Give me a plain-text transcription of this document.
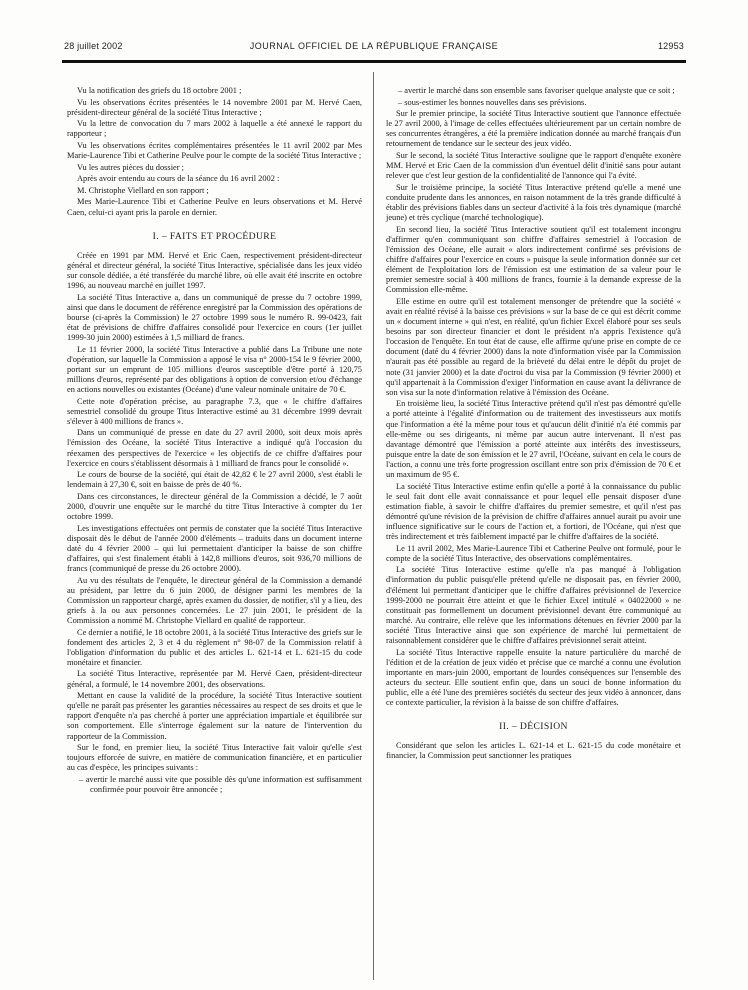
28 juillet 2002	JOURNAL OFFICIEL DE LA RÉPUBLIQUE FRANÇAISE	12953

Vu la notification des griefs du 18 octobre 2001 ;

Vu les observations écrites présentées le 14 novembre 2001 par M. Hervé Caen, président-directeur général de la société Titus Interactive ;

Vu la lettre de convocation du 7 mars 2002 à laquelle a été annexé le rapport du rapporteur ;

Vu les observations écrites complémentaires présentées le 11 avril 2002 par Mes Marie-Laurence Tibi et Catherine Peulve pour le compte de la société Titus Interactive ;

Vu les autres pièces du dossier ;

Après avoir entendu au cours de la séance du 16 avril 2002 :

M. Christophe Viellard en son rapport ;

Mes Marie-Laurence Tibi et Catherine Peulve en leurs observations et M. Hervé Caen, celui-ci ayant pris la parole en dernier.

I. – FAITS ET PROCÉDURE

Créée en 1991 par MM. Hervé et Eric Caen, respectivement président-directeur général et directeur général, la société Titus Interactive, spécialisée dans les jeux vidéo sur console dédiée, a été transférée du marché libre, où elle avait été inscrite en octobre 1996, au nouveau marché en juillet 1997.

La société Titus Interactive a, dans un communiqué de presse du 7 octobre 1999, ainsi que dans le document de référence enregistré par la Commission des opérations de bourse (ci-après la Commission) le 27 octobre 1999 sous le numéro R. 99-0423, fait état de prévisions de chiffre d'affaires consolidé pour l'exercice en cours (1er juillet 1999-30 juin 2000) estimées à 1,5 milliard de francs.

Le 11 février 2000, la société Titus Interactive a publié dans La Tribune une note d'opération, sur laquelle la Commission a apposé le visa n° 2000-154 le 9 février 2000, portant sur un emprunt de 105 millions d'euros susceptible d'être porté à 120,75 millions d'euros, représenté par des obligations à option de conversion et/ou d'échange en actions nouvelles ou existantes (Océane) d'une valeur nominale unitaire de 70 €.

Cette note d'opération précise, au paragraphe 7.3, que « le chiffre d'affaires semestriel consolidé du groupe Titus Interactive estimé au 31 décembre 1999 devrait s'élever à 400 millions de francs ».

Dans un communiqué de presse en date du 27 avril 2000, soit deux mois après l'émission des Océane, la société Titus Interactive a indiqué qu'à l'occasion du réexamen des perspectives de l'exercice « les objectifs de ce chiffre d'affaires pour l'exercice en cours s'établissent désormais à 1 milliard de francs pour le consolidé ».

Le cours de bourse de la société, qui était de 42,82 € le 27 avril 2000, s'est établi le lendemain à 27,30 €, soit en baisse de près de 40 %.

Dans ces circonstances, le directeur général de la Commission a décidé, le 7 août 2000, d'ouvrir une enquête sur le marché du titre Titus Interactive à compter du 1er octobre 1999.

Les investigations effectuées ont permis de constater que la société Titus Interactive disposait dès le début de l'année 2000 d'éléments – traduits dans un document interne daté du 4 février 2000 – qui lui permettaient d'anticiper la baisse de son chiffre d'affaires, qui s'est finalement établi à 142,8 millions d'euros, soit 936,70 millions de francs (communiqué de presse du 26 octobre 2000).

Au vu des résultats de l'enquête, le directeur général de la Commission a demandé au président, par lettre du 6 juin 2000, de désigner parmi les membres de la Commission un rapporteur chargé, après examen du dossier, de notifier, s'il y a lieu, des griefs à la ou aux personnes concernées. Le 27 juin 2001, le président de la Commission a nommé M. Christophe Viellard en qualité de rapporteur.

Ce dernier a notifié, le 18 octobre 2001, à la société Titus Interactive des griefs sur le fondement des articles 2, 3 et 4 du règlement n° 98-07 de la Commission relatif à l'obligation d'information du public et des articles L. 621-14 et L. 621-15 du code monétaire et financier.

La société Titus Interactive, représentée par M. Hervé Caen, président-directeur général, a formulé, le 14 novembre 2001, des observations.

Mettant en cause la validité de la procédure, la société Titus Interactive soutient qu'elle ne paraît pas présenter les garanties nécessaires au respect de ses droits et que le rapport d'enquête n'a pas cherché à porter une appréciation impartiale et équilibrée sur son comportement. Elle s'interroge également sur la nature de l'intervention du rapporteur de la Commission.

Sur le fond, en premier lieu, la société Titus Interactive fait valoir qu'elle s'est toujours efforcée de suivre, en matière de communication financière, et en particulier au cas d'espèce, les principes suivants :

– avertir le marché aussi vite que possible dès qu'une information est suffisamment confirmée pour pouvoir être annoncée ;

– avertir le marché dans son ensemble sans favoriser quelque analyste que ce soit ;

– sous-estimer les bonnes nouvelles dans ses prévisions.

Sur le premier principe, la société Titus Interactive soutient que l'annonce effectuée le 27 avril 2000, à l'image de celles effectuées ultérieurement par un certain nombre de ses concurrentes étrangères, a été la première indication donnée au marché français d'un retournement de tendance sur le secteur des jeux vidéo.

Sur le second, la société Titus Interactive souligne que le rapport d'enquête exonère MM. Hervé et Eric Caen de la commission d'un éventuel délit d'initié sans pour autant relever que c'est leur gestion de la confidentialité de l'annonce qui l'a évité.

Sur le troisième principe, la société Titus Interactive prétend qu'elle a mené une conduite prudente dans les annonces, en raison notamment de la très grande difficulté à établir des prévisions fiables dans un secteur d'activité à la fois très dynamique (marché jeune) et très cyclique (marché technologique).

En second lieu, la société Titus Interactive soutient qu'il est totalement incongru d'affirmer qu'en communiquant son chiffre d'affaires semestriel à l'occasion de l'émission des Océane, elle aurait « alors indirectement confirmé ses prévisions de chiffre d'affaires pour l'exercice en cours » puisque la seule information donnée sur cet élément de l'exploitation lors de l'émission est une estimation de sa valeur pour le premier semestre social à 400 millions de francs, fournie à la demande expresse de la Commission elle-même.

Elle estime en outre qu'il est totalement mensonger de prétendre que la société « avait en réalité révisé à la baisse ces prévisions » sur la base de ce qui est décrit comme un « document interne » qui n'est, en réalité, qu'un fichier Excel élaboré pour ses seuls besoins par son directeur financier et dont le président n'a appris l'existence qu'à l'occasion de l'enquête. En tout état de cause, elle affirme qu'une prise en compte de ce document (daté du 4 février 2000) dans la note d'information visée par la Commission n'aurait pas été possible au regard de la brièveté du délai entre le dépôt du projet de note (31 janvier 2000) et la date d'octroi du visa par la Commission (9 février 2000) et qu'il appartenait à la Commission d'exiger l'information en cause avant la délivrance de son visa sur la note d'information relative à l'émission des Océane.

En troisième lieu, la société Titus Interactive prétend qu'il n'est pas démontré qu'elle a porté atteinte à l'égalité d'information ou de traitement des investisseurs aux motifs que l'information a été la même pour tous et qu'aucun délit d'initié n'a été commis par elle-même ou ses dirigeants, ni même par aucun autre intervenant. Il n'est pas davantage démontré que l'émission a porté atteinte aux intérêts des investisseurs, puisque entre la date de son émission et le 27 avril, l'Océane, suivant en cela le cours de l'action, a connu une très forte progression oscillant entre son prix d'émission de 70 € et un maximum de 95 €.

La société Titus Interactive estime enfin qu'elle a porté à la connaissance du public le seul fait dont elle avait connaissance et pour lequel elle pensait disposer d'une estimation fiable, à savoir le chiffre d'affaires du premier semestre, et qu'il n'est pas démontré qu'une révision de la prévision de chiffre d'affaires annuel aurait pu avoir une influence significative sur le cours de l'action et, a fortiori, de l'Océane, qui n'est que très indirectement et très faiblement impacté par le chiffre d'affaires de la société.

Le 11 avril 2002, Mes Marie-Laurence Tibi et Catherine Peulve ont formulé, pour le compte de la société Titus Interactive, des observations complémentaires.

La société Titus Interactive estime qu'elle n'a pas manqué à l'obligation d'information du public puisqu'elle prétend qu'elle ne disposait pas, en février 2000, d'élément lui permettant d'anticiper que le chiffre d'affaires prévisionnel de l'exercice 1999-2000 ne pourrait être atteint et que le fichier Excel intitulé « 04022000 » ne constituait pas formellement un document prévisionnel devant être communiqué au marché. Au contraire, elle relève que les informations détenues en février 2000 par la société Titus Interactive ainsi que son expérience de marché lui permettaient de raisonnablement considérer que le chiffre d'affaires prévisionnel serait atteint.

La société Titus Interactive rappelle ensuite la nature particulière du marché de l'édition et de la création de jeux vidéo et précise que ce marché a connu une évolution importante en mars-juin 2000, emportant de lourdes conséquences sur l'ensemble des acteurs du secteur. Elle soutient enfin que, dans un souci de bonne information du public, elle a été l'une des premières sociétés du secteur des jeux vidéo à annoncer, dans ce contexte particulier, la révision à la baisse de son chiffre d'affaires.

II. – DÉCISION

Considérant que selon les articles L. 621-14 et L. 621-15 du code monétaire et financier, la Commission peut sanctionner les pratiques
